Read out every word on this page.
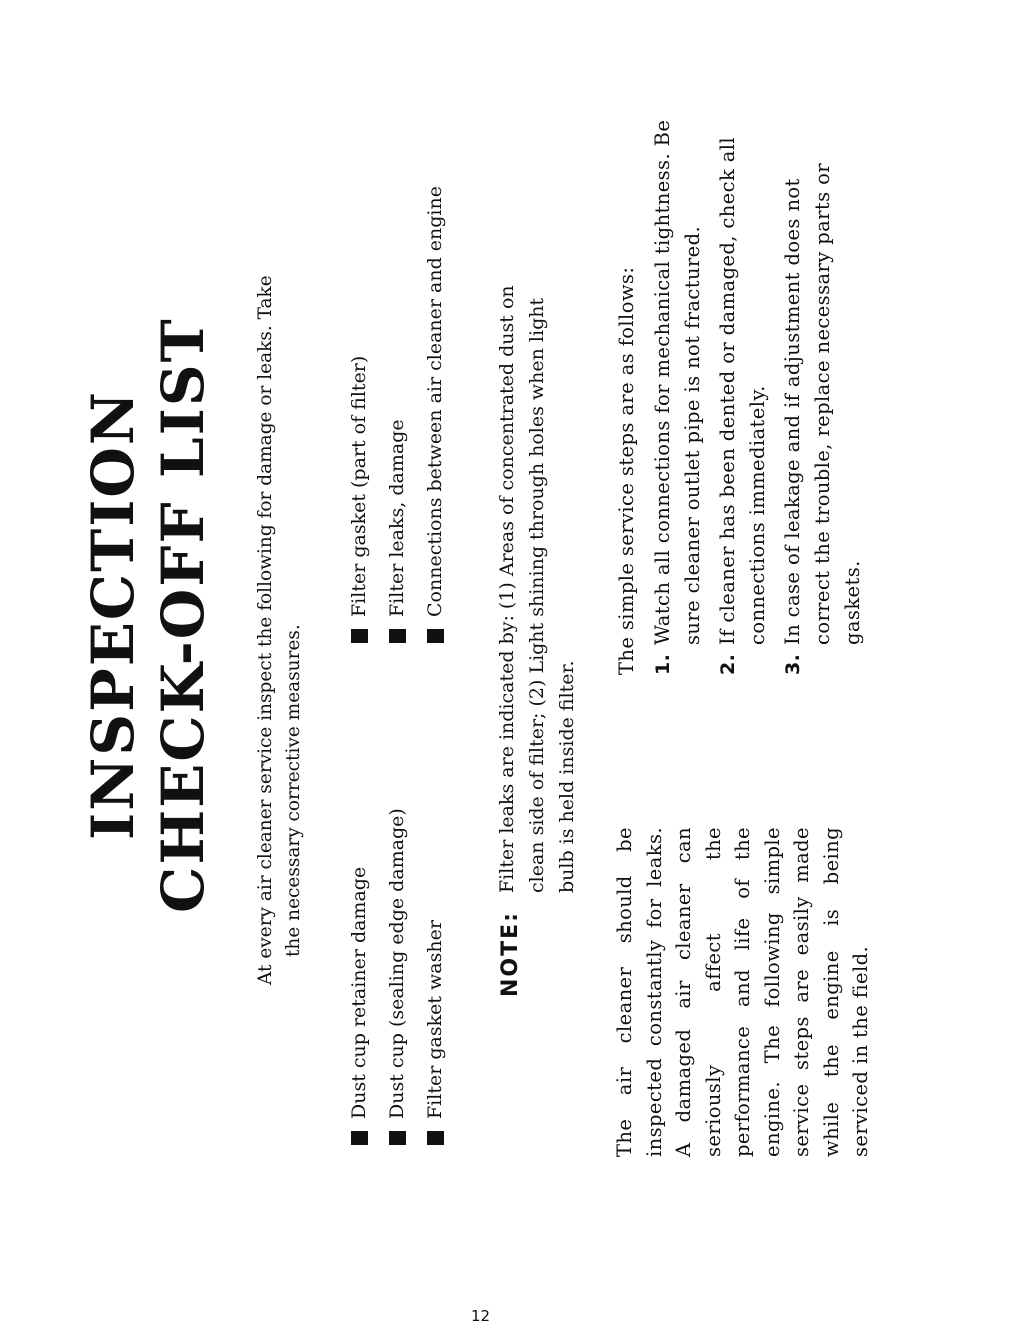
INSPECTION CHECK-OFF LIST At every air cleaner service inspect the following for damage or leaks. Take the necessary corrective measures.
Dust cup retainer damage Dust cup (sealing edge damage) Filter gasket washer
Filter gasket (part of filter) Filter leaks, damage Connections between air cleaner and engine
NOTE:
Filter leaks are indicated by: (1) Areas of concentrated dust on clean side of filter; (2) Light shining through holes when light bulb is held inside filter.
The air cleaner should be inspected constantly for leaks. A damaged air cleaner can seriously affect the performance and life of the engine. The following simple service steps are easily made while the engine is being serviced in the field.
The simple service steps are as follows: 1.
Watch all connections for mechanical tightness. Be sure cleaner outlet pipe is not fractured.
2.
If cleaner has been dented or damaged, check all connections immediately.
3.
In case of leakage and if adjustment does not correct the trouble, replace necessary parts or gaskets.
12
